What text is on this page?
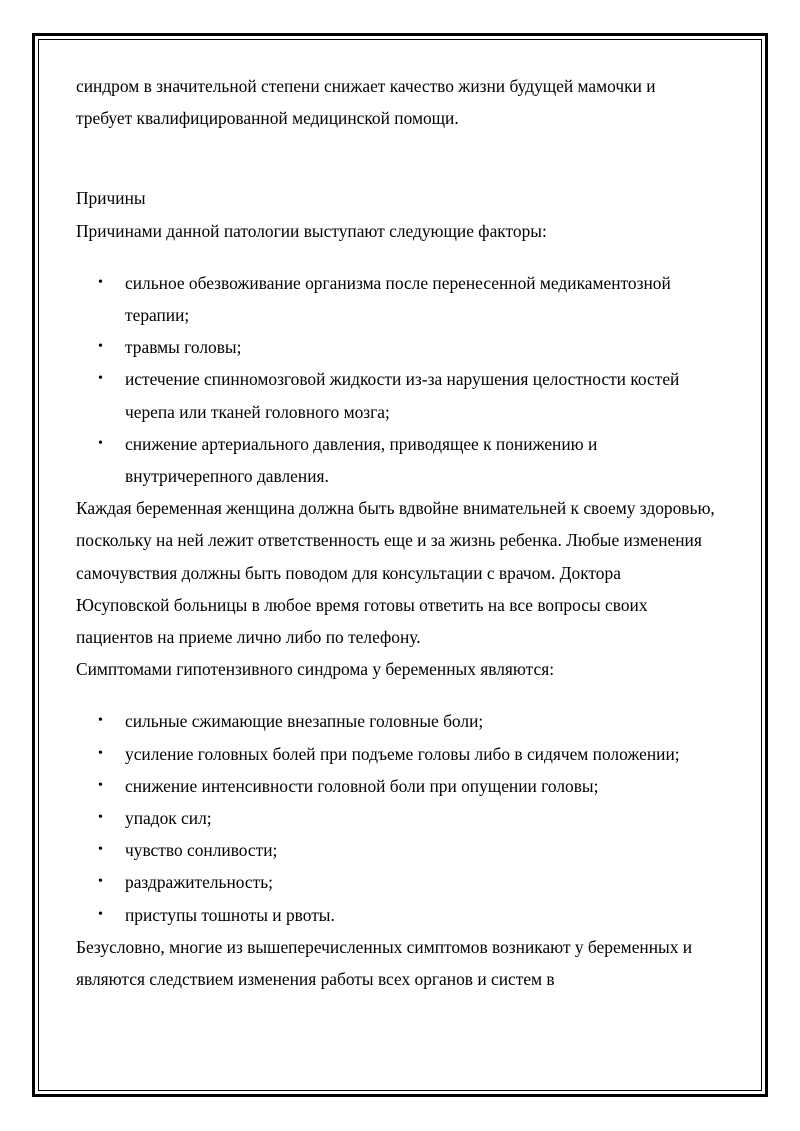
синдром в значительной степени снижает качество жизни будущей мамочки и требует квалифицированной медицинской помощи.

Причины

Причинами данной патологии выступают следующие факторы:

• сильное обезвоживание организма после перенесенной медикаментозной терапии;
• травмы головы;
• истечение спинномозговой жидкости из-за нарушения целостности костей черепа или тканей головного мозга;
• снижение артериального давления, приводящее к понижению и внутричерепного давления.

Каждая беременная женщина должна быть вдвойне внимательней к своему здоровью, поскольку на ней лежит ответственность еще и за жизнь ребенка. Любые изменения самочувствия должны быть поводом для консультации с врачом. Доктора Юсуповской больницы в любое время готовы ответить на все вопросы своих пациентов на приеме лично либо по телефону.

Симптомами гипотензивного синдрома у беременных являются:

• сильные сжимающие внезапные головные боли;
• усиление головных болей при подъеме головы либо в сидячем положении;
• снижение интенсивности головной боли при опущении головы;
• упадок сил;
• чувство сонливости;
• раздражительность;
• приступы тошноты и рвоты.

Безусловно, многие из вышеперечисленных симптомов возникают у беременных и являются следствием изменения работы всех органов и систем в
